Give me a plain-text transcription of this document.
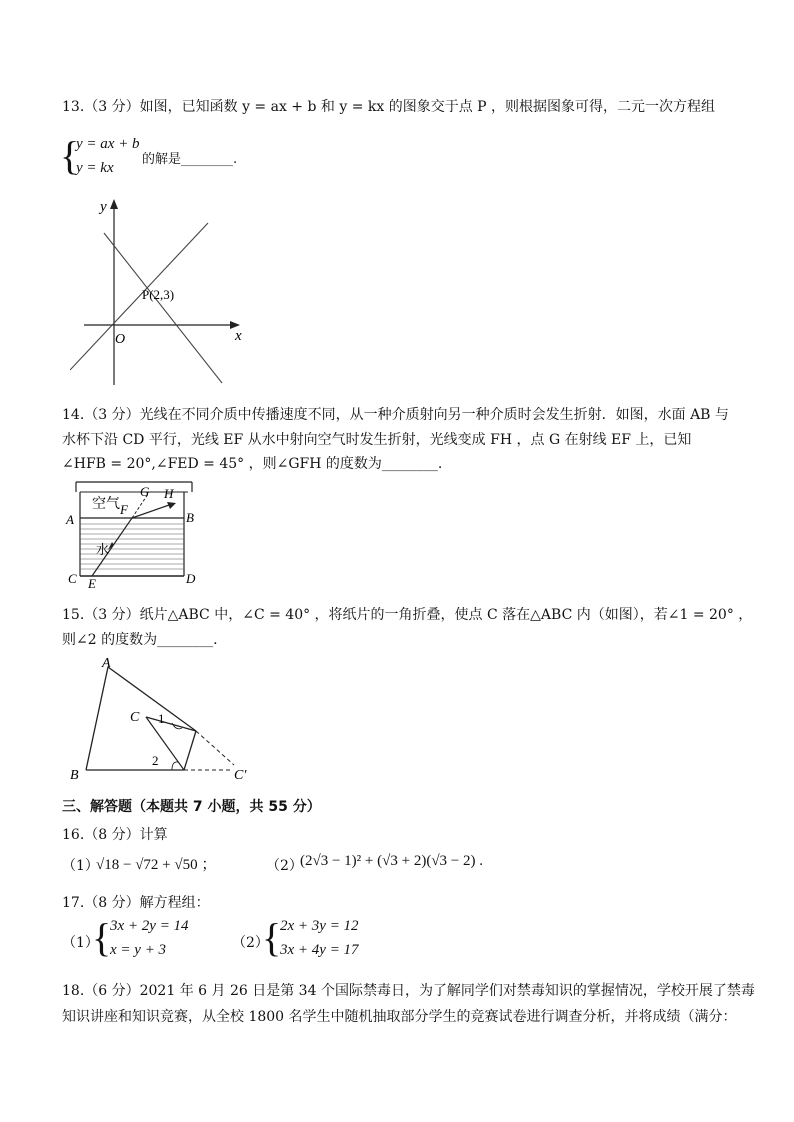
13.（3 分）如图，已知函数 y = ax + b 和 y = kx 的图象交于点 P ，则根据图象可得，二元一次方程组
{
y = ax + b
y = kx
的解是________.
y
x
O
P(2,3)
14.（3 分）光线在不同介质中传播速度不同，从一种介质射向另一种介质时会发生折射．如图，水面 AB 与
水杯下沿 CD 平行，光线 EF 从水中射向空气时发生折射，光线变成 FH ，点 G 在射线 EF 上，已知
∠HFB = 20°,∠FED = 45° ，则∠GFH 的度数为________.
空气
水
A	B
C	D
E
F
G H
15.（3 分）纸片△ABC 中，∠C = 40° ，将纸片的一角折叠，使点 C 落在△ABC 内（如图），若∠1 = 20° ，
则∠2 的度数为________.
A
B
C
C′
1
2
三、解答题（本题共 7 小题，共 55 分）
16.（8 分）计算
（1）
√18 − √72 + √50 ；	（2）
(2√3 − 1)² + (√3 + 2)(√3 − 2) .
17.（8 分）解方程组：
（1）
{
3x + 2y = 14
x = y + 3	（2）
{
2x + 3y = 12
3x + 4y = 17
18.（6 分）2021 年 6 月 26 日是第 34 个国际禁毒日，为了解同学们对禁毒知识的掌握情况，学校开展了禁毒
知识讲座和知识竞赛，从全校 1800 名学生中随机抽取部分学生的竞赛试卷进行调查分析，并将成绩（满分：
